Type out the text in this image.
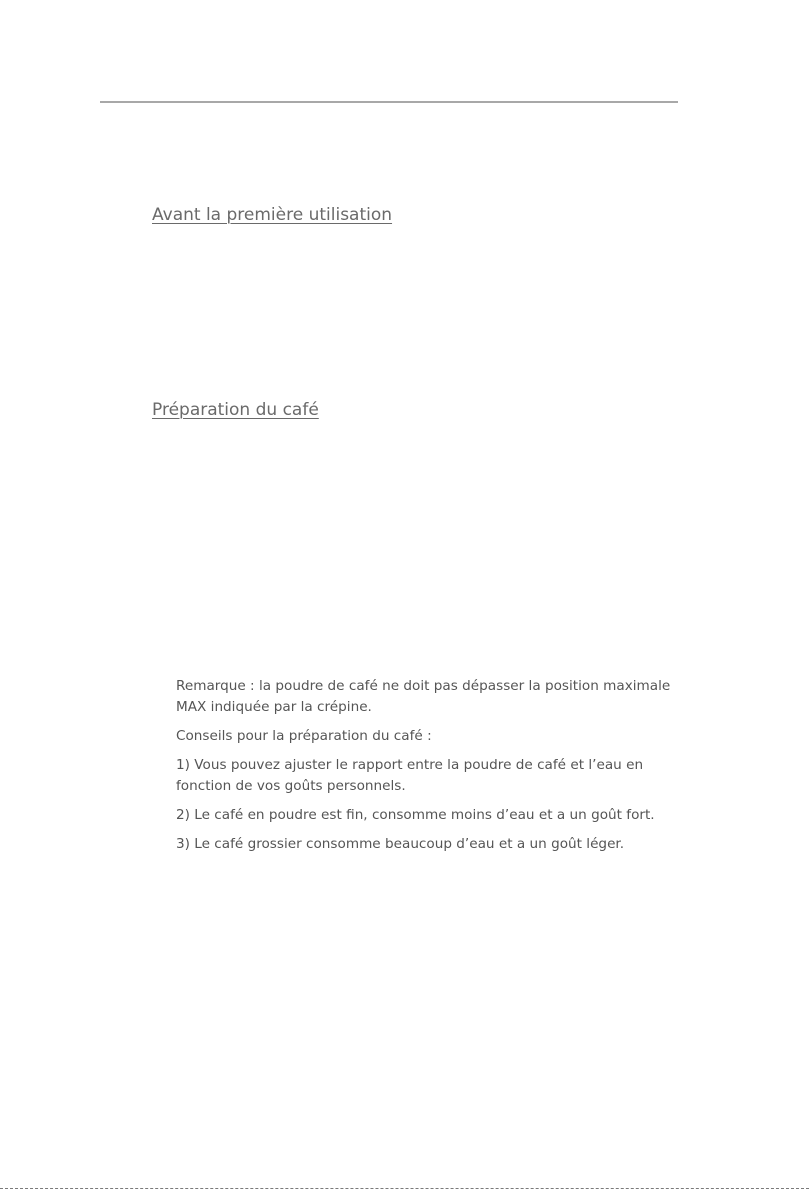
Avant la première utilisation
Préparation du café

Remarque : la poudre de café ne doit pas dépasser la position maximale MAX indiquée par la crépine.

Conseils pour la préparation du café :

1) Vous pouvez ajuster le rapport entre la poudre de café et l’eau en fonction de vos goûts personnels.

2) Le café en poudre est fin, consomme moins d’eau et a un goût fort.

3) Le café grossier consomme beaucoup d’eau et a un goût léger.
